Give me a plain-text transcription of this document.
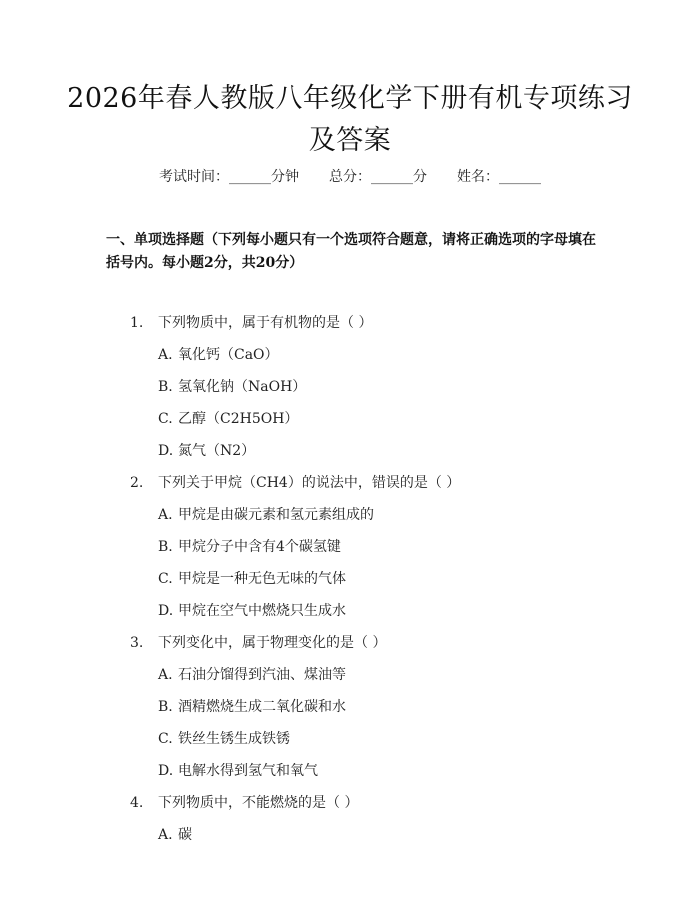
2026年春人教版八年级化学下册有机专项练习及答案
考试时间：______分钟 总分：______分 姓名：______
一、单项选择题（下列每小题只有一个选项符合题意，请将正确选项的字母填在括号内。每小题2分，共20分）
1. 下列物质中，属于有机物的是（ ）
A. 氧化钙（CaO）
B. 氢氧化钠（NaOH）
C. 乙醇（C2H5OH）
D. 氮气（N2）
2. 下列关于甲烷（CH4）的说法中，错误的是（ ）
A. 甲烷是由碳元素和氢元素组成的
B. 甲烷分子中含有4个碳氢键
C. 甲烷是一种无色无味的气体
D. 甲烷在空气中燃烧只生成水
3. 下列变化中，属于物理变化的是（ ）
A. 石油分馏得到汽油、煤油等
B. 酒精燃烧生成二氧化碳和水
C. 铁丝生锈生成铁锈
D. 电解水得到氢气和氧气
4. 下列物质中，不能燃烧的是（ ）
A. 碳
